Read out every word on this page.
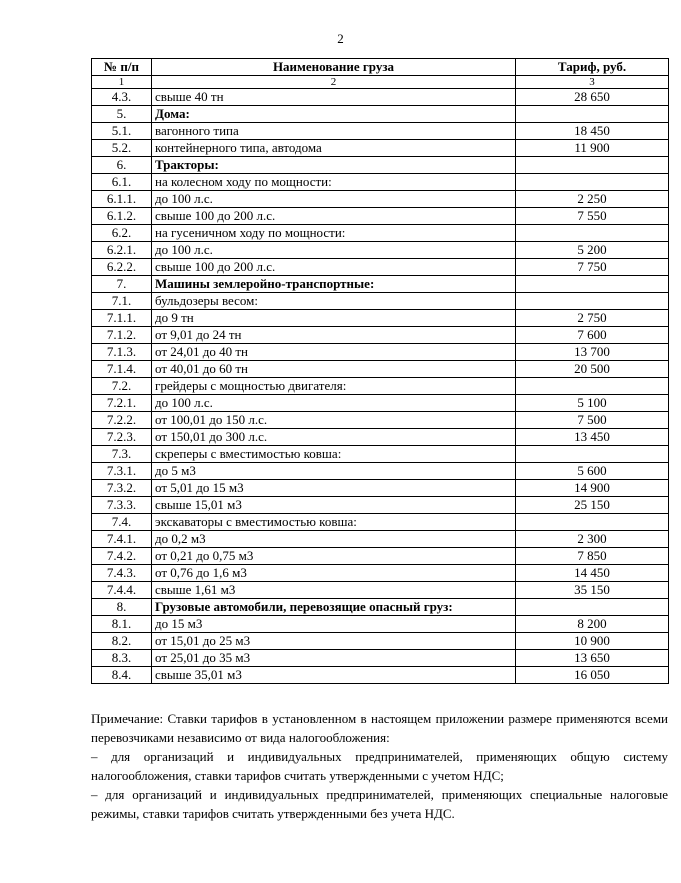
2
№ п/п	Наименование груза	Тариф, руб.
1	2	3
4.3.	свыше 40 тн	28 650
5.	Дома:	
5.1.	вагонного типа	18 450
5.2.	контейнерного типа, автодома	11 900
6.	Тракторы:	
6.1.	на колесном ходу по мощности:	
6.1.1.	до 100 л.с.	2 250
6.1.2.	свыше 100 до 200 л.с.	7 550
6.2.	на гусеничном ходу по мощности:	
6.2.1.	до 100 л.с.	5 200
6.2.2.	свыше 100 до 200 л.с.	7 750
7.	Машины землеройно-транспортные:	
7.1.	бульдозеры весом:	
7.1.1.	до 9 тн	2 750
7.1.2.	от 9,01 до 24 тн	7 600
7.1.3.	от 24,01 до 40 тн	13 700
7.1.4.	от 40,01 до 60 тн	20 500
7.2.	грейдеры с мощностью двигателя:	
7.2.1.	до 100 л.с.	5 100
7.2.2.	от 100,01 до 150 л.с.	7 500
7.2.3.	от 150,01 до 300 л.с.	13 450
7.3.	скреперы с вместимостью ковша:	
7.3.1.	до 5 м3	5 600
7.3.2.	от 5,01 до 15 м3	14 900
7.3.3.	свыше 15,01 м3	25 150
7.4.	экскаваторы с вместимостью ковша:	
7.4.1.	до 0,2 м3	2 300
7.4.2.	от 0,21 до 0,75 м3	7 850
7.4.3.	от 0,76 до 1,6 м3	14 450
7.4.4.	свыше 1,61 м3	35 150
8.	Грузовые автомобили, перевозящие опасный груз:	
8.1.	до 15 м3	8 200
8.2.	от 15,01 до 25 м3	10 900
8.3.	от 25,01 до 35 м3	13 650
8.4.	свыше 35,01 м3	16 050

Примечание: Ставки тарифов в установленном в настоящем приложении размере применяются всеми перевозчиками независимо от вида налогообложения:

– для организаций и индивидуальных предпринимателей, применяющих общую систему налогообложения, ставки тарифов считать утвержденными с учетом НДС;

– для организаций и индивидуальных предпринимателей, применяющих специальные налоговые режимы, ставки тарифов считать утвержденными без учета НДС.
